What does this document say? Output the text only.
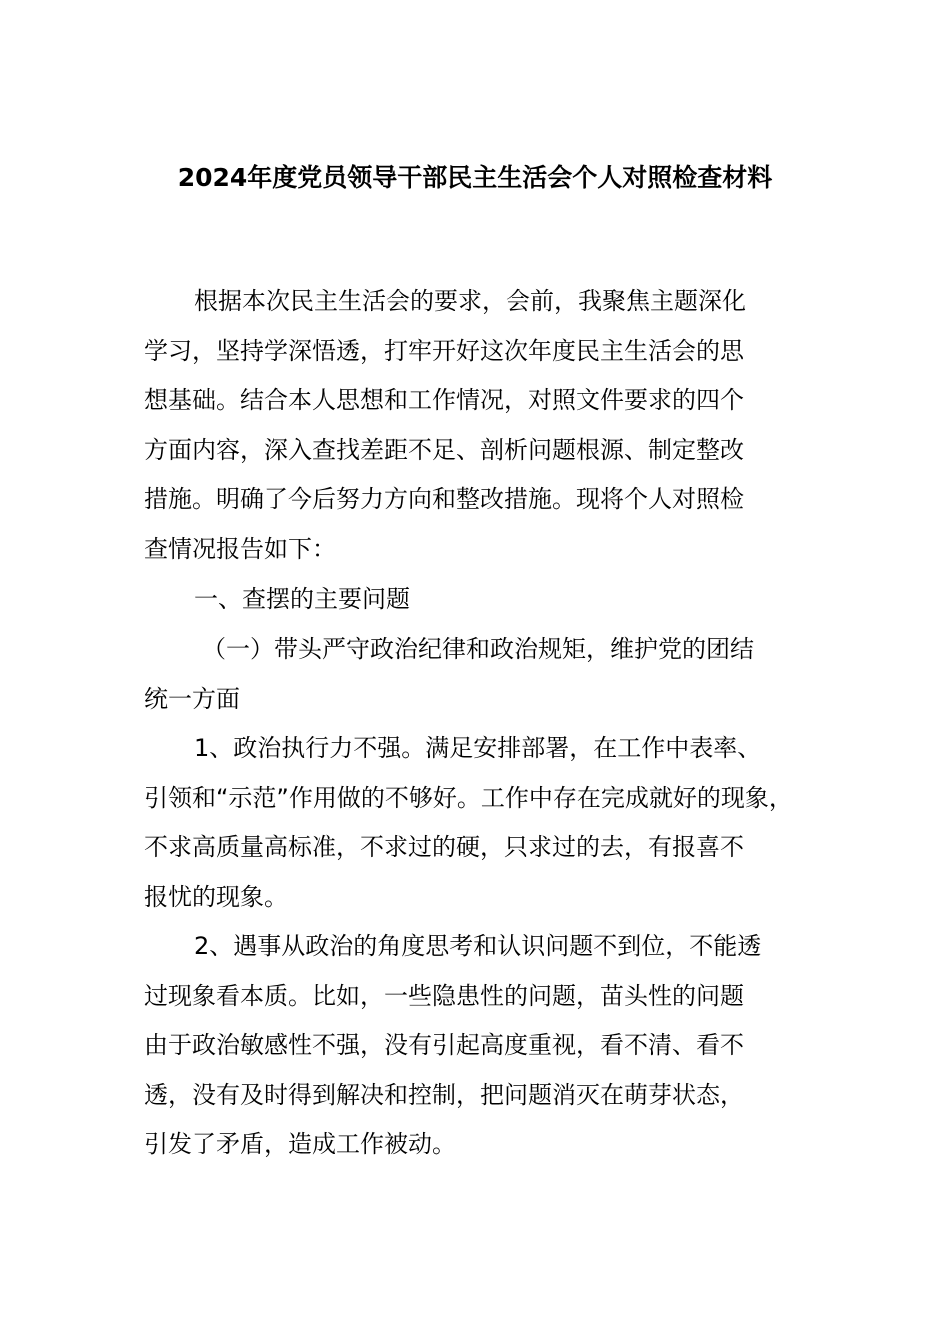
2024年度党员领导干部民主生活会个人对照检查材料
根据本次民主生活会的要求，会前，我聚焦主题深化
学习，坚持学深悟透，打牢开好这次年度民主生活会的思
想基础。结合本人思想和工作情况，对照文件要求的四个
方面内容，深入查找差距不足、剖析问题根源、制定整改
措施。明确了今后努力方向和整改措施。现将个人对照检
查情况报告如下：
一、查摆的主要问题
（一）带头严守政治纪律和政治规矩，维护党的团结
统一方面
1、政治执行力不强。满足安排部署，在工作中表率、
引领和“示范”作用做的不够好。工作中存在完成就好的现象，
不求高质量高标准，不求过的硬，只求过的去，有报喜不
报忧的现象。
2、遇事从政治的角度思考和认识问题不到位，不能透
过现象看本质。比如，一些隐患性的问题，苗头性的问题
由于政治敏感性不强，没有引起高度重视，看不清、看不
透，没有及时得到解决和控制，把问题消灭在萌芽状态，
引发了矛盾，造成工作被动。
